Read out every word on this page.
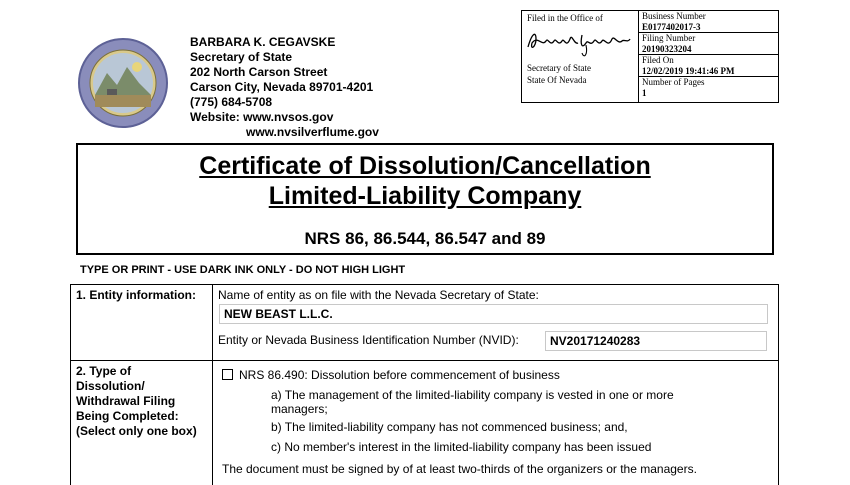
BARBARA K. CEGAVSKE
Secretary of State
202 North Carson Street
Carson City, Nevada 89701-4201
(775) 684-5708
Website: www.nvsos.gov
www.nvsilverflume.gov
Filed in the Office of
Secretary of State
State Of Nevada
Business Number
E0177402017-3
Filing Number
20190323204
Filed On
12/02/2019 19:41:46 PM
Number of Pages
1
Certificate of Dissolution/Cancellation
Limited-Liability Company
NRS 86, 86.544, 86.547 and 89
TYPE OR PRINT - USE DARK INK ONLY - DO NOT HIGH LIGHT
1. Entity information: Name of entity as on file with the Nevada Secretary of State:
NEW BEAST L.L.C.
Entity or Nevada Business Identification Number (NVID):	NV20171240283
2. Type of
Dissolution/
Withdrawal Filing
Being Completed:
(Select only one box)
NRS 86.490: Dissolution before commencement of business
a) The management of the limited-liability company is vested in one or more
managers;
b) The limited-liability company has not commenced business; and,
c) No member's interest in the limited-liability company has been issued
The document must be signed by of at least two-thirds of the organizers or the managers.
